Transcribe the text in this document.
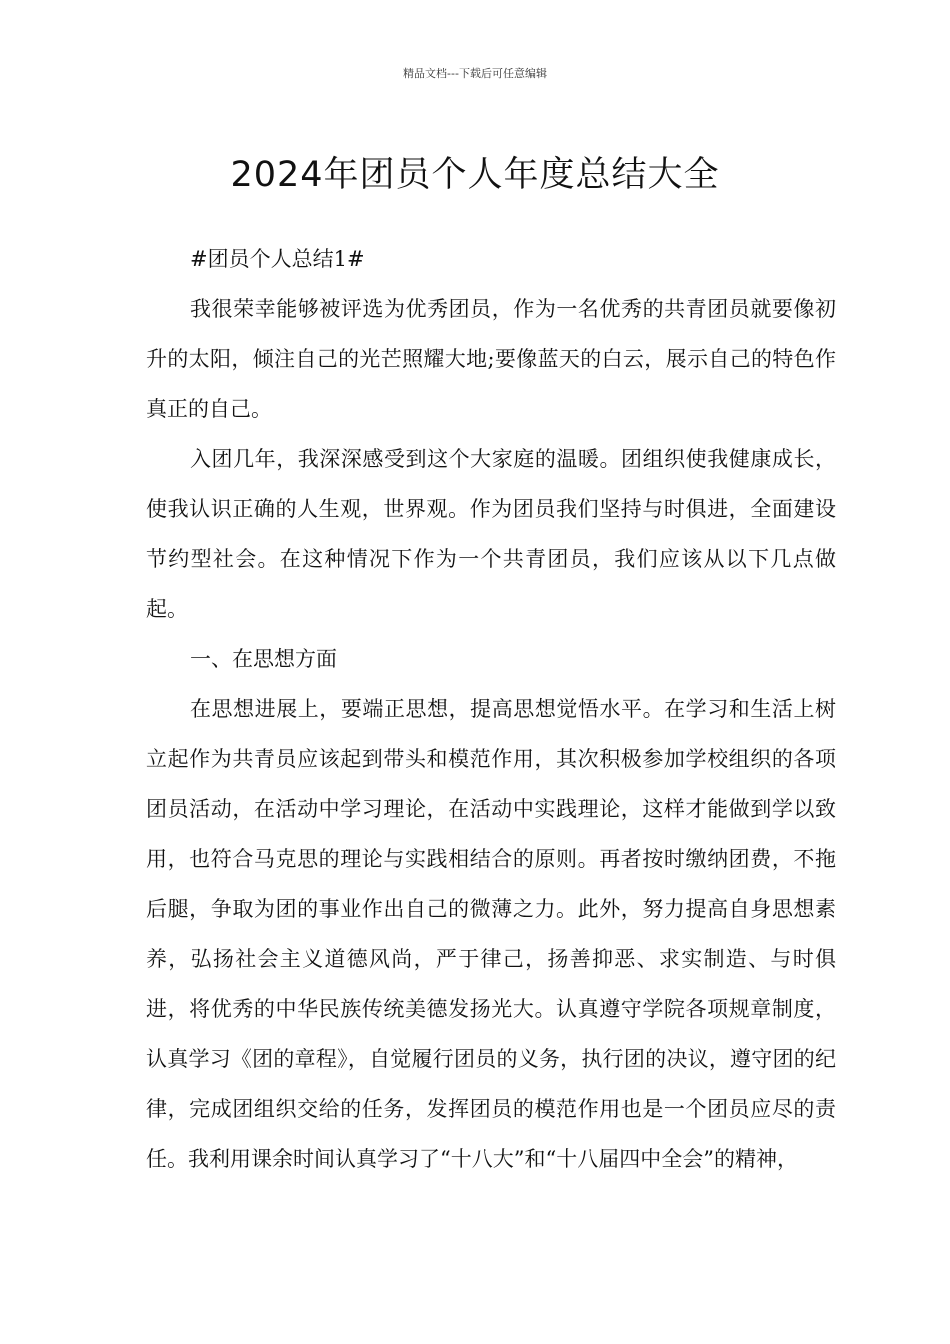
精品文档---下载后可任意编辑
2024年团员个人年度总结大全

#团员个人总结1#

我很荣幸能够被评选为优秀团员，作为一名优秀的共青团员就要像初升的太阳，倾注自己的光芒照耀大地;要像蓝天的白云，展示自己的特色作真正的自己。

入团几年，我深深感受到这个大家庭的温暖。团组织使我健康成长，使我认识正确的人生观，世界观。作为团员我们坚持与时俱进，全面建设节约型社会。在这种情况下作为一个共青团员，我们应该从以下几点做起。

一、在思想方面

在思想进展上，要端正思想，提高思想觉悟水平。在学习和生活上树立起作为共青员应该起到带头和模范作用，其次积极参加学校组织的各项团员活动，在活动中学习理论，在活动中实践理论，这样才能做到学以致用，也符合马克思的理论与实践相结合的原则。再者按时缴纳团费，不拖后腿，争取为团的事业作出自己的微薄之力。此外，努力提高自身思想素养，弘扬社会主义道德风尚，严于律己，扬善抑恶、求实制造、与时俱进，将优秀的中华民族传统美德发扬光大。认真遵守学院各项规章制度，认真学习《团的章程》，自觉履行团员的义务，执行团的决议，遵守团的纪律，完成团组织交给的任务，发挥团员的模范作用也是一个团员应尽的责任。我利用课余时间认真学习了“十八大”和“十八届四中全会”的精神，
